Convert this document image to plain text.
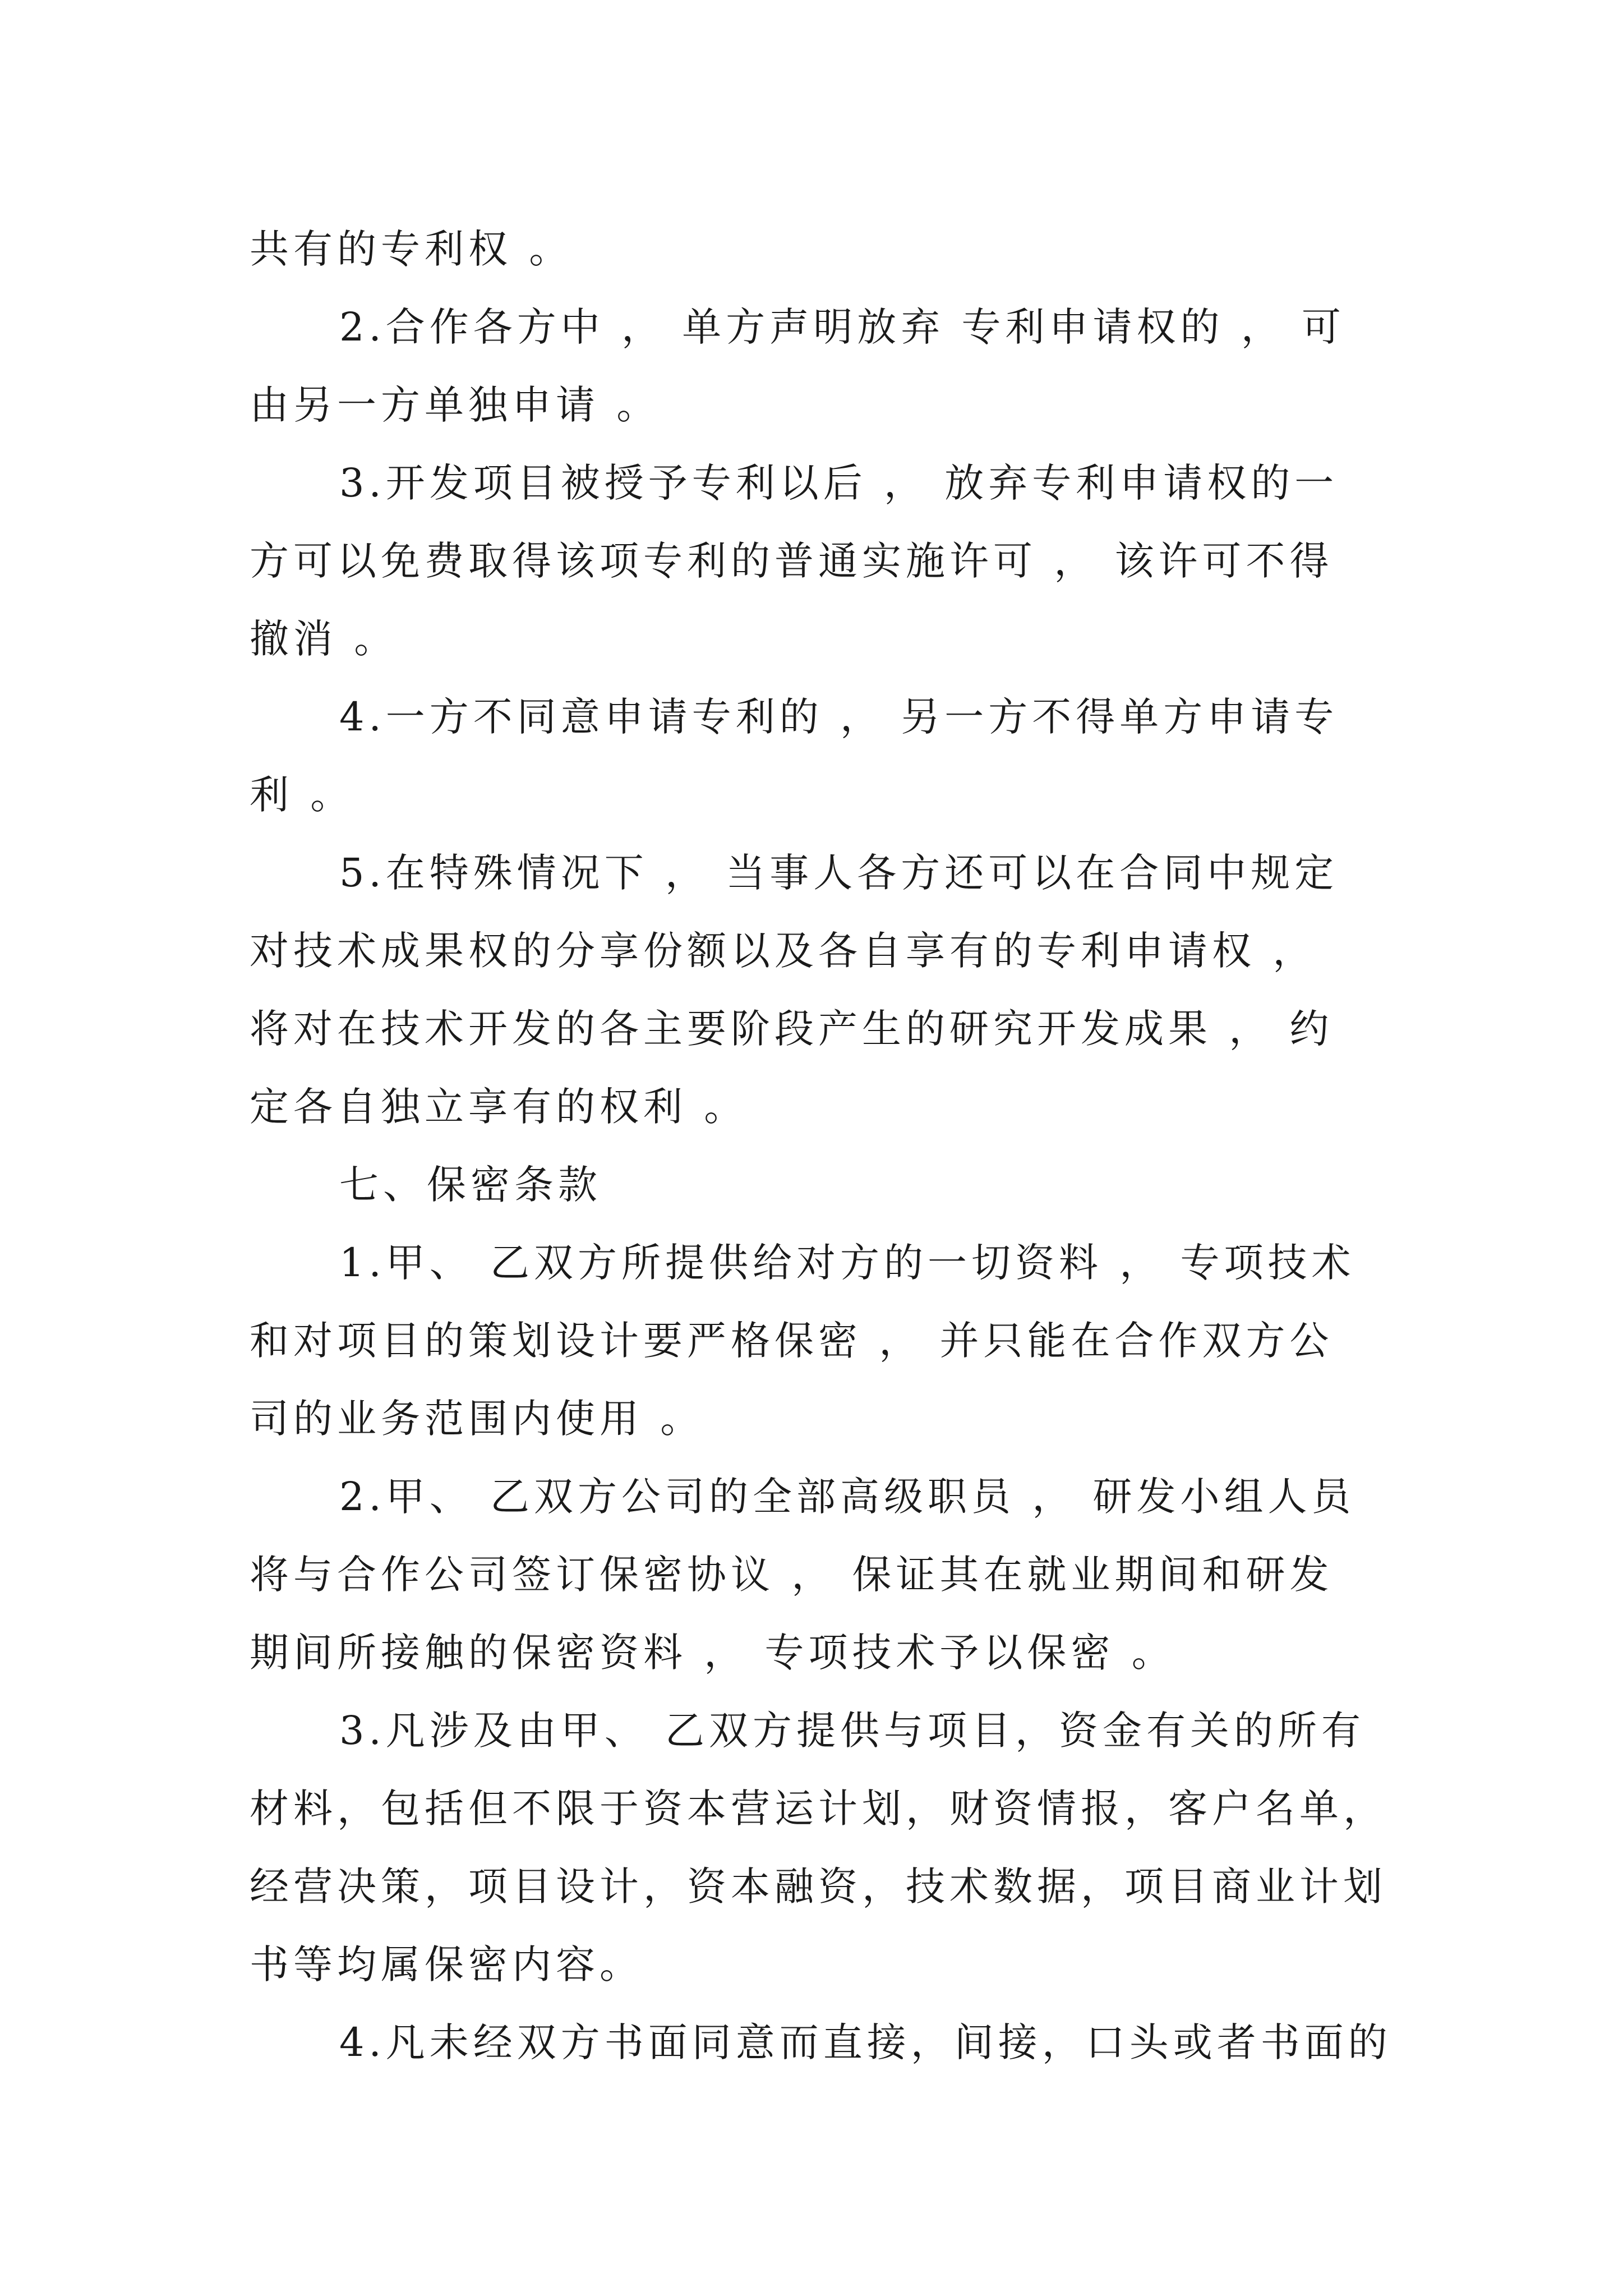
共有的专利权 。
2.合作各方中 ， 单方声明放弃 专利申请权的 ， 可
由另一方单独申请 。
3.开发项目被授予专利以后 ， 放弃专利申请权的一
方可以免费取得该项专利的普通实施许可 ， 该许可不得
撤消 。
4.一方不同意申请专利的 ， 另一方不得单方申请专
利 。
5.在特殊情况下 ， 当事人各方还可以在合同中规定
对技术成果权的分享份额以及各自享有的专利申请权 ，
将对在技术开发的各主要阶段产生的研究开发成果 ， 约
定各自独立享有的权利 。
七、保密条款
1.甲、 乙双方所提供给对方的一切资料 ， 专项技术
和对项目的策划设计要严格保密 ， 并只能在合作双方公
司的业务范围内使用 。
2.甲、 乙双方公司的全部高级职员 ， 研发小组人员
将与合作公司签订保密协议 ， 保证其在就业期间和研发
期间所接触的保密资料 ， 专项技术予以保密 。
3.凡涉及由甲、 乙双方提供与项目，资金有关的所有
材料，包括但不限于资本营运计划，财资情报，客户名单，
经营决策，项目设计，资本融资，技术数据，项目商业计划
书等均属保密内容。
4.凡未经双方书面同意而直接，间接，口头或者书面的
